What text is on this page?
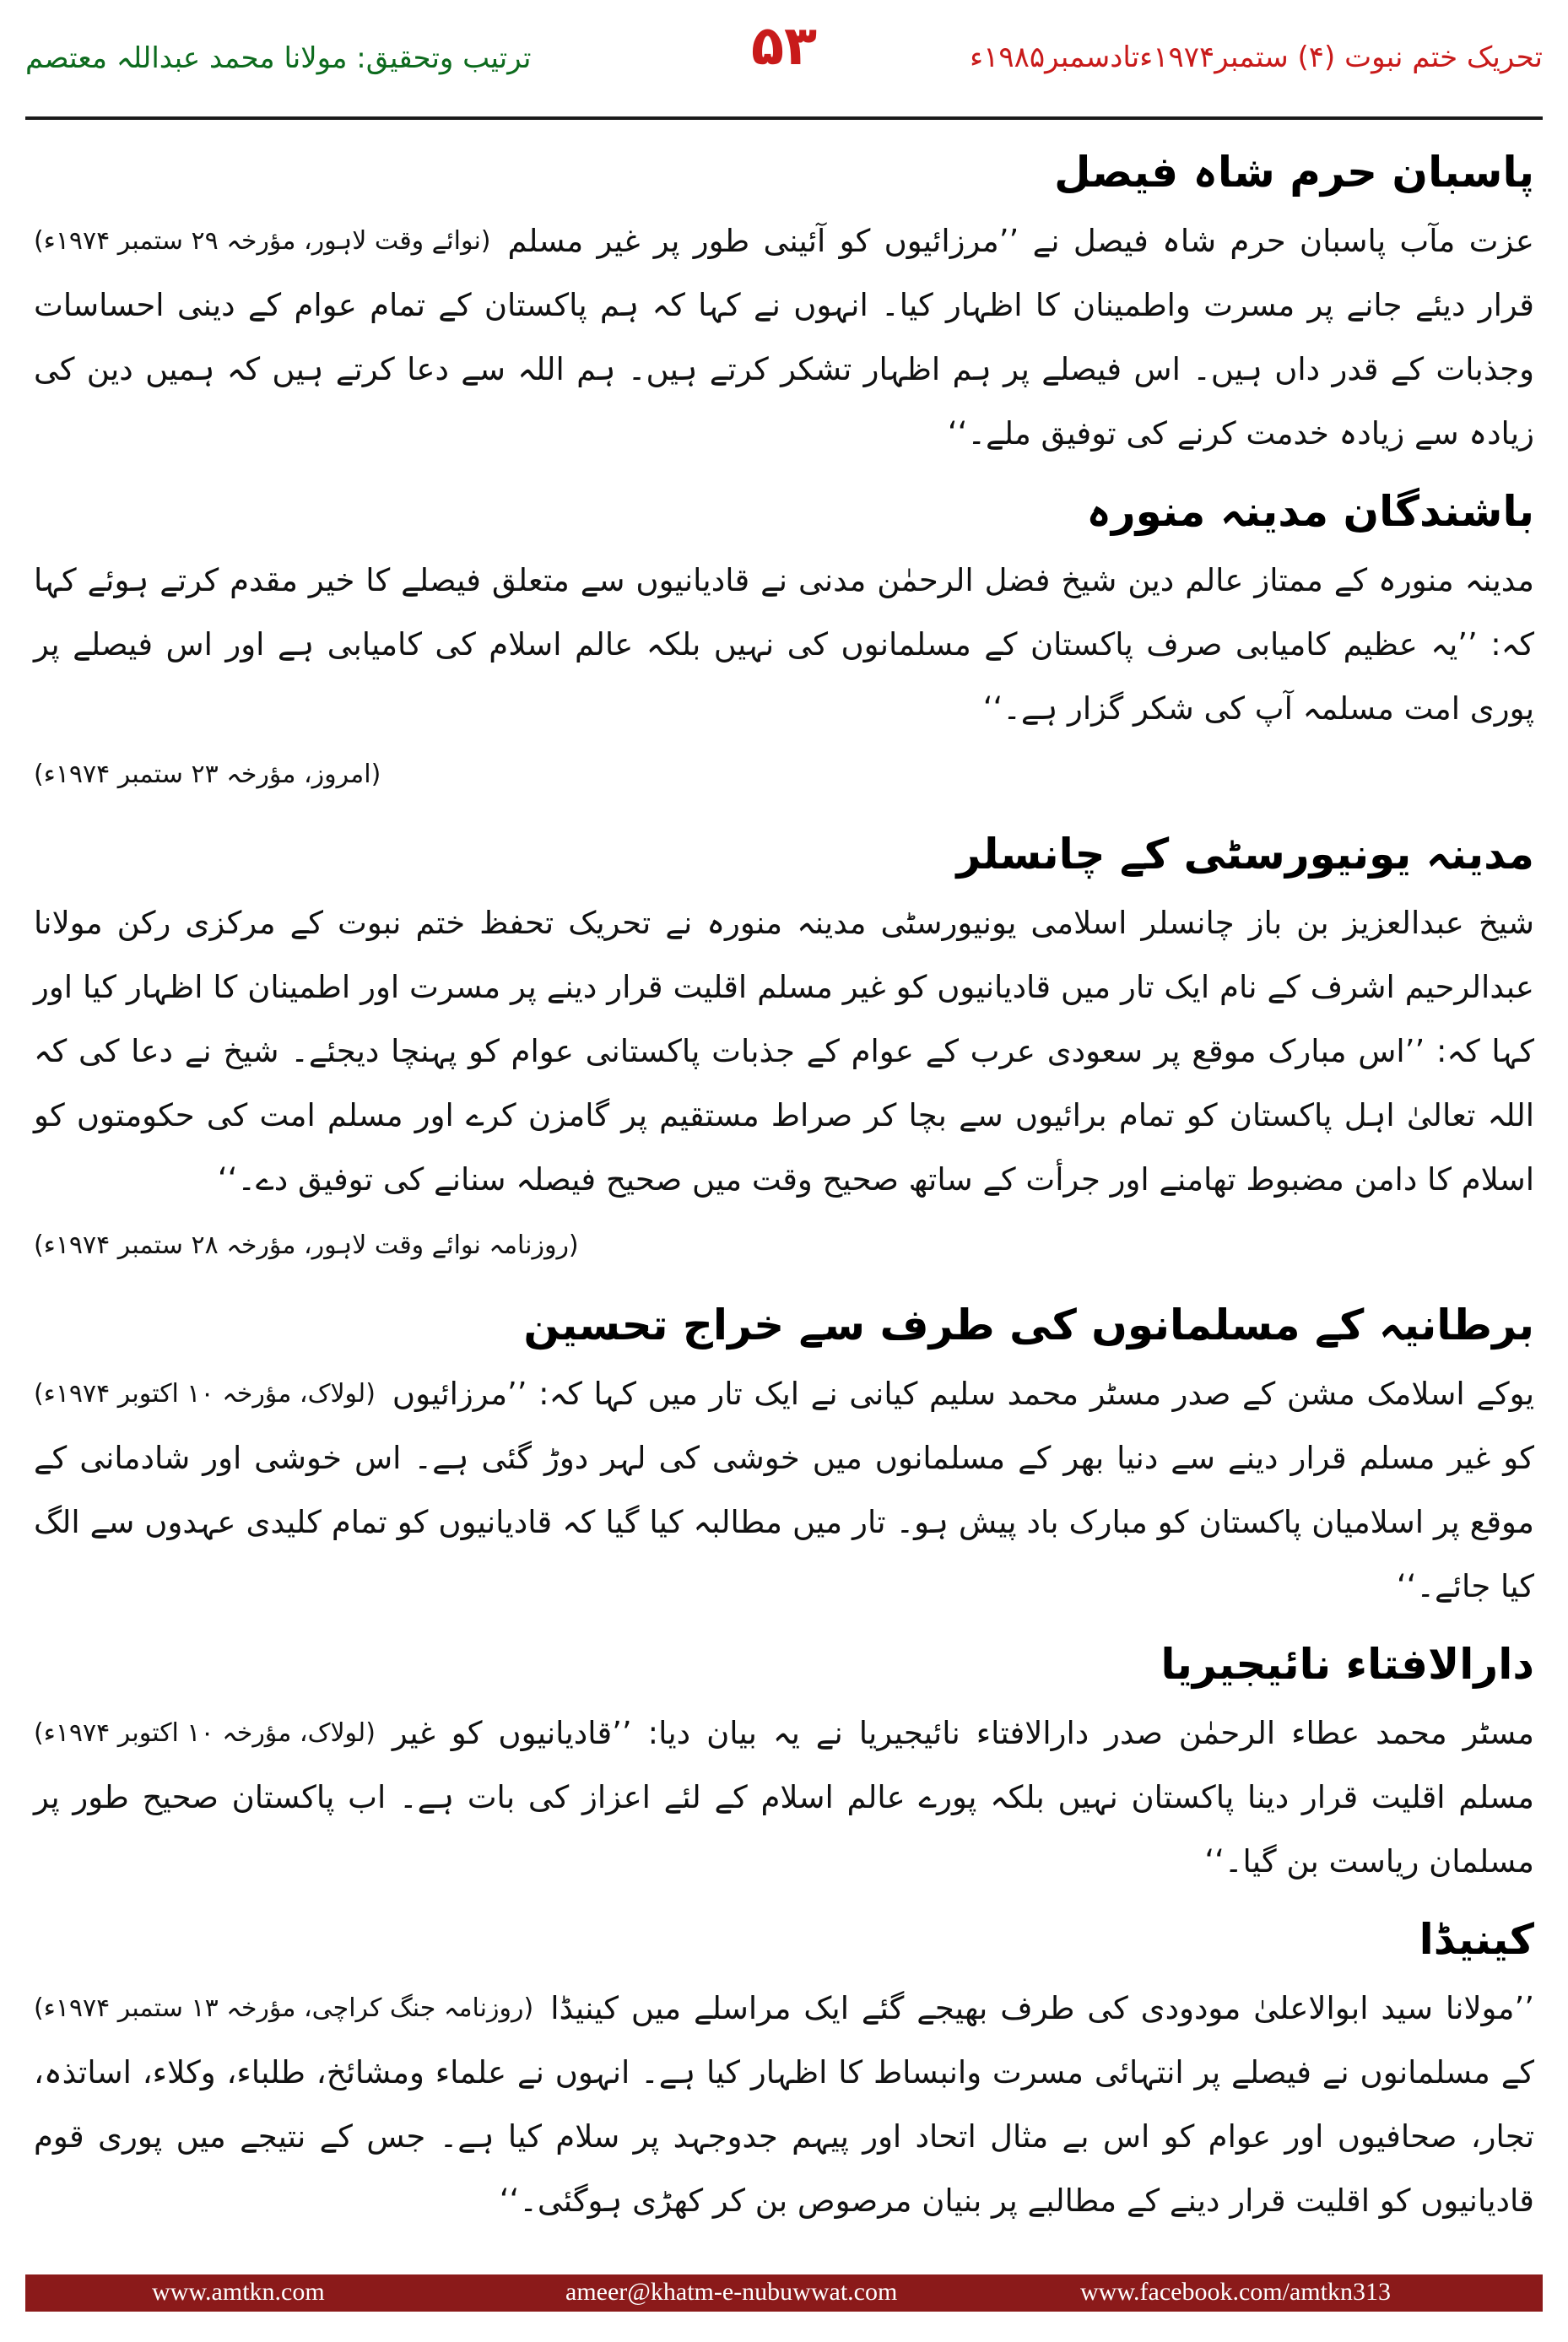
ترتیب وتحقیق: مولانا محمد عبداللہ معتصم	۵۳	تحریک ختم نبوت (۴) ستمبر۱۹۷۴ءتادسمبر۱۹۸۵ء
پاسبان حرم شاہ فیصل

(نوائے وقت لاہور، مؤرخہ ۲۹ ستمبر ۱۹۷۴ء) عزت مآب پاسبان حرم شاہ فیصل نے ’’مرزائیوں کو آئینی طور پر غیر مسلم قرار دیئے جانے پر مسرت واطمینان کا اظہار کیا۔ انہوں نے کہا کہ ہم پاکستان کے تمام عوام کے دینی احساسات وجذبات کے قدر داں ہیں۔ اس فیصلے پر ہم اظہار تشکر کرتے ہیں۔ ہم اللہ سے دعا کرتے ہیں کہ ہمیں دین کی زیادہ سے زیادہ خدمت کرنے کی توفیق ملے۔‘‘

باشندگان مدینہ منورہ

مدینہ منورہ کے ممتاز عالم دین شیخ فضل الرحمٰن مدنی نے قادیانیوں سے متعلق فیصلے کا خیر مقدم کرتے ہوئے کہا کہ: ’’یہ عظیم کامیابی صرف پاکستان کے مسلمانوں کی نہیں بلکہ عالم اسلام کی کامیابی ہے اور اس فیصلے پر پوری امت مسلمہ آپ کی شکر گزار ہے۔‘‘

(امروز، مؤرخہ ۲۳ ستمبر ۱۹۷۴ء)
مدینہ یونیورسٹی کے چانسلر

شیخ عبدالعزیز بن باز چانسلر اسلامی یونیورسٹی مدینہ منورہ نے تحریک تحفظ ختم نبوت کے مرکزی رکن مولانا عبدالرحیم اشرف کے نام ایک تار میں قادیانیوں کو غیر مسلم اقلیت قرار دینے پر مسرت اور اطمینان کا اظہار کیا اور کہا کہ: ’’اس مبارک موقع پر سعودی عرب کے عوام کے جذبات پاکستانی عوام کو پہنچا دیجئے۔ شیخ نے دعا کی کہ اللہ تعالیٰ اہل پاکستان کو تمام برائیوں سے بچا کر صراط مستقیم پر گامزن کرے اور مسلم امت کی حکومتوں کو اسلام کا دامن مضبوط تھامنے اور جرأت کے ساتھ صحیح وقت میں صحیح فیصلہ سنانے کی توفیق دے۔‘‘

(روزنامہ نوائے وقت لاہور، مؤرخہ ۲۸ ستمبر ۱۹۷۴ء)
برطانیہ کے مسلمانوں کی طرف سے خراج تحسین

(لولاک، مؤرخہ ۱۰ اکتوبر ۱۹۷۴ء) یوکے اسلامک مشن کے صدر مسٹر محمد سلیم کیانی نے ایک تار میں کہا کہ: ’’مرزائیوں کو غیر مسلم قرار دینے سے دنیا بھر کے مسلمانوں میں خوشی کی لہر دوڑ گئی ہے۔ اس خوشی اور شادمانی کے موقع پر اسلامیان پاکستان کو مبارک باد پیش ہو۔ تار میں مطالبہ کیا گیا کہ قادیانیوں کو تمام کلیدی عہدوں سے الگ کیا جائے۔‘‘

دارالافتاء نائیجیریا

(لولاک، مؤرخہ ۱۰ اکتوبر ۱۹۷۴ء) مسٹر محمد عطاء الرحمٰن صدر دارالافتاء نائیجیریا نے یہ بیان دیا: ’’قادیانیوں کو غیر مسلم اقلیت قرار دینا پاکستان نہیں بلکہ پورے عالم اسلام کے لئے اعزاز کی بات ہے۔ اب پاکستان صحیح طور پر مسلمان ریاست بن گیا۔‘‘

کینیڈا

(روزنامہ جنگ کراچی، مؤرخہ ۱۳ ستمبر ۱۹۷۴ء) ’’مولانا سید ابوالاعلیٰ مودودی کی طرف بھیجے گئے ایک مراسلے میں کینیڈا کے مسلمانوں نے فیصلے پر انتہائی مسرت وانبساط کا اظہار کیا ہے۔ انہوں نے علماء ومشائخ، طلباء، وکلاء، اساتذہ، تجار، صحافیوں اور عوام کو اس بے مثال اتحاد اور پیہم جدوجہد پر سلام کیا ہے۔ جس کے نتیجے میں پوری قوم قادیانیوں کو اقلیت قرار دینے کے مطالبے پر بنیان مرصوص بن کر کھڑی ہوگئی۔‘‘

www.amtkn.com	ameer@khatm-e-nubuwwat.com	www.facebook.com/amtkn313
